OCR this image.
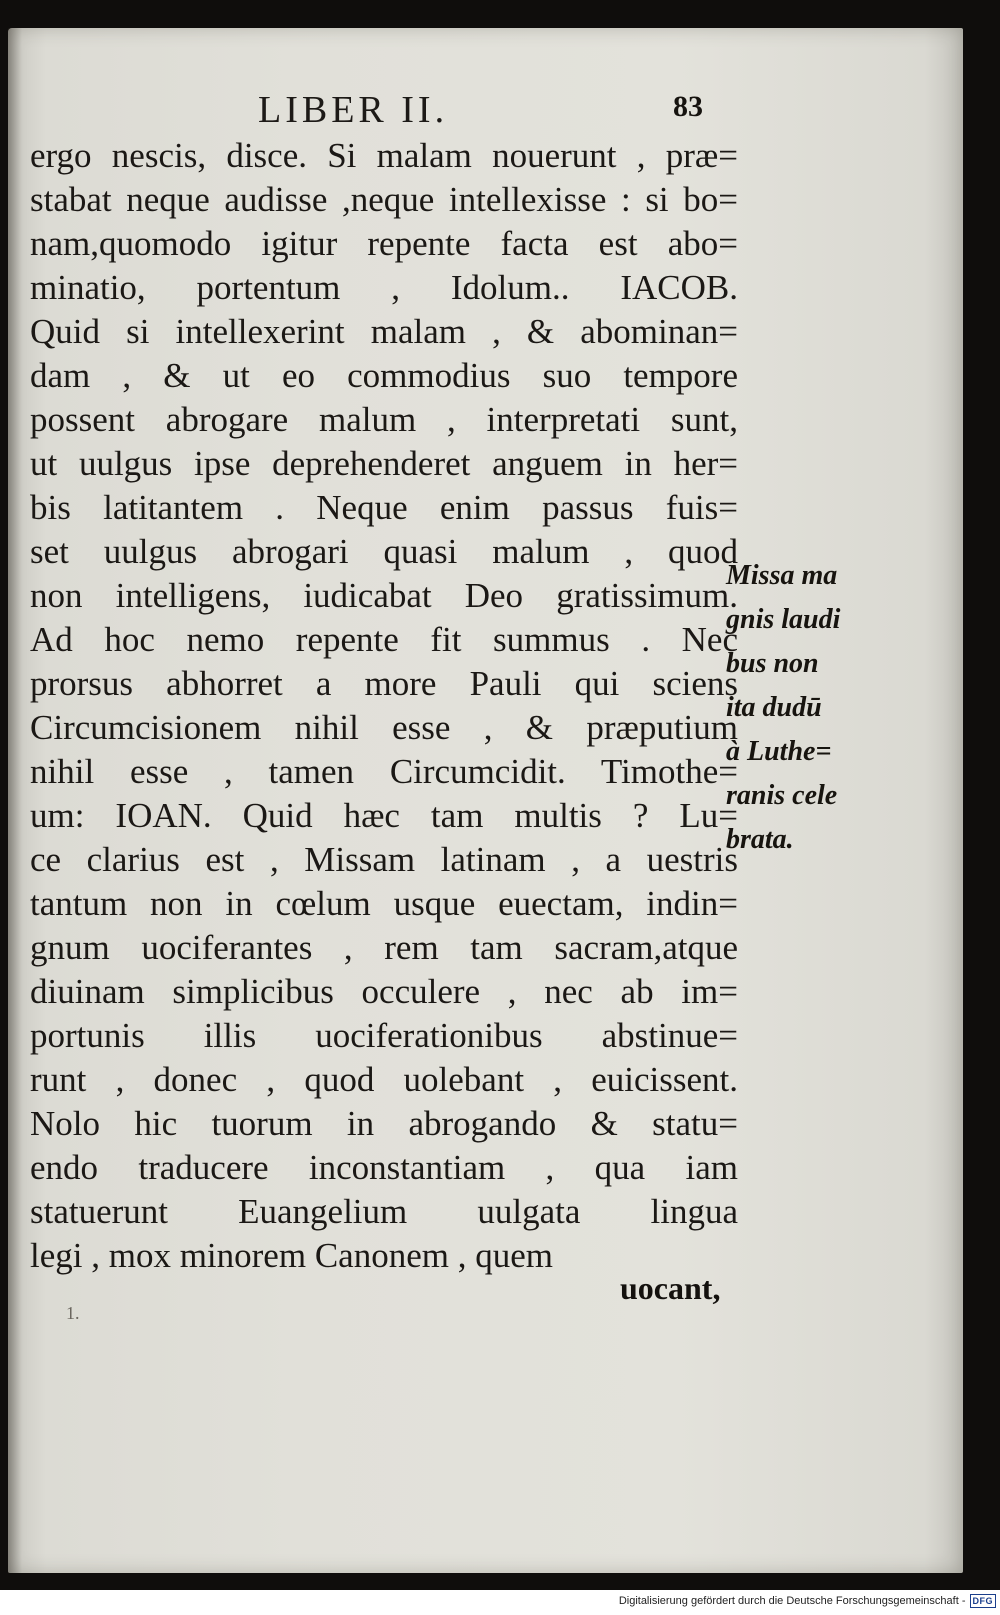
LIBER II.	83
ergo nescis, disce. Si malam nouerunt , præ=
stabat neque audisse ,neque intellexisse : si bo=
nam,quomodo igitur repente facta est abo=
minatio, portentum , Idolum.. IACOB.
Quid si intellexerint malam , & abominan=
dam , & ut eo commodius suo tempore
possent abrogare malum , interpretati sunt,
ut uulgus ipse deprehenderet anguem in her=
bis latitantem . Neque enim passus fuis=
set uulgus abrogari quasi malum , quod
non intelligens, iudicabat Deo gratissimum.
Ad hoc nemo repente fit summus . Nec
prorsus abhorret a more Pauli qui sciens
Circumcisionem nihil esse , & præputium
nihil esse , tamen Circumcidit. Timothe=
um: IOAN. Quid hæc tam multis ? Lu=
ce clarius est , Missam latinam , a uestris
tantum non in cœlum usque euectam, indin=
gnum uociferantes , rem tam sacram,atque
diuinam simplicibus occulere , nec ab im=
portunis illis uociferationibus abstinue=
runt , donec , quod uolebant , euicissent.
Nolo hic tuorum in abrogando & statu=
endo traducere inconstantiam , qua iam
statuerunt Euangelium uulgata lingua
legi , mox minorem Canonem , quem
Missa ma
gnis laudi
bus non
ita dudū
à Luthe=
ranis cele
brata.
uocant,
1.
Digitalisierung gefördert durch die Deutsche Forschungsgemeinschaft - DFG
